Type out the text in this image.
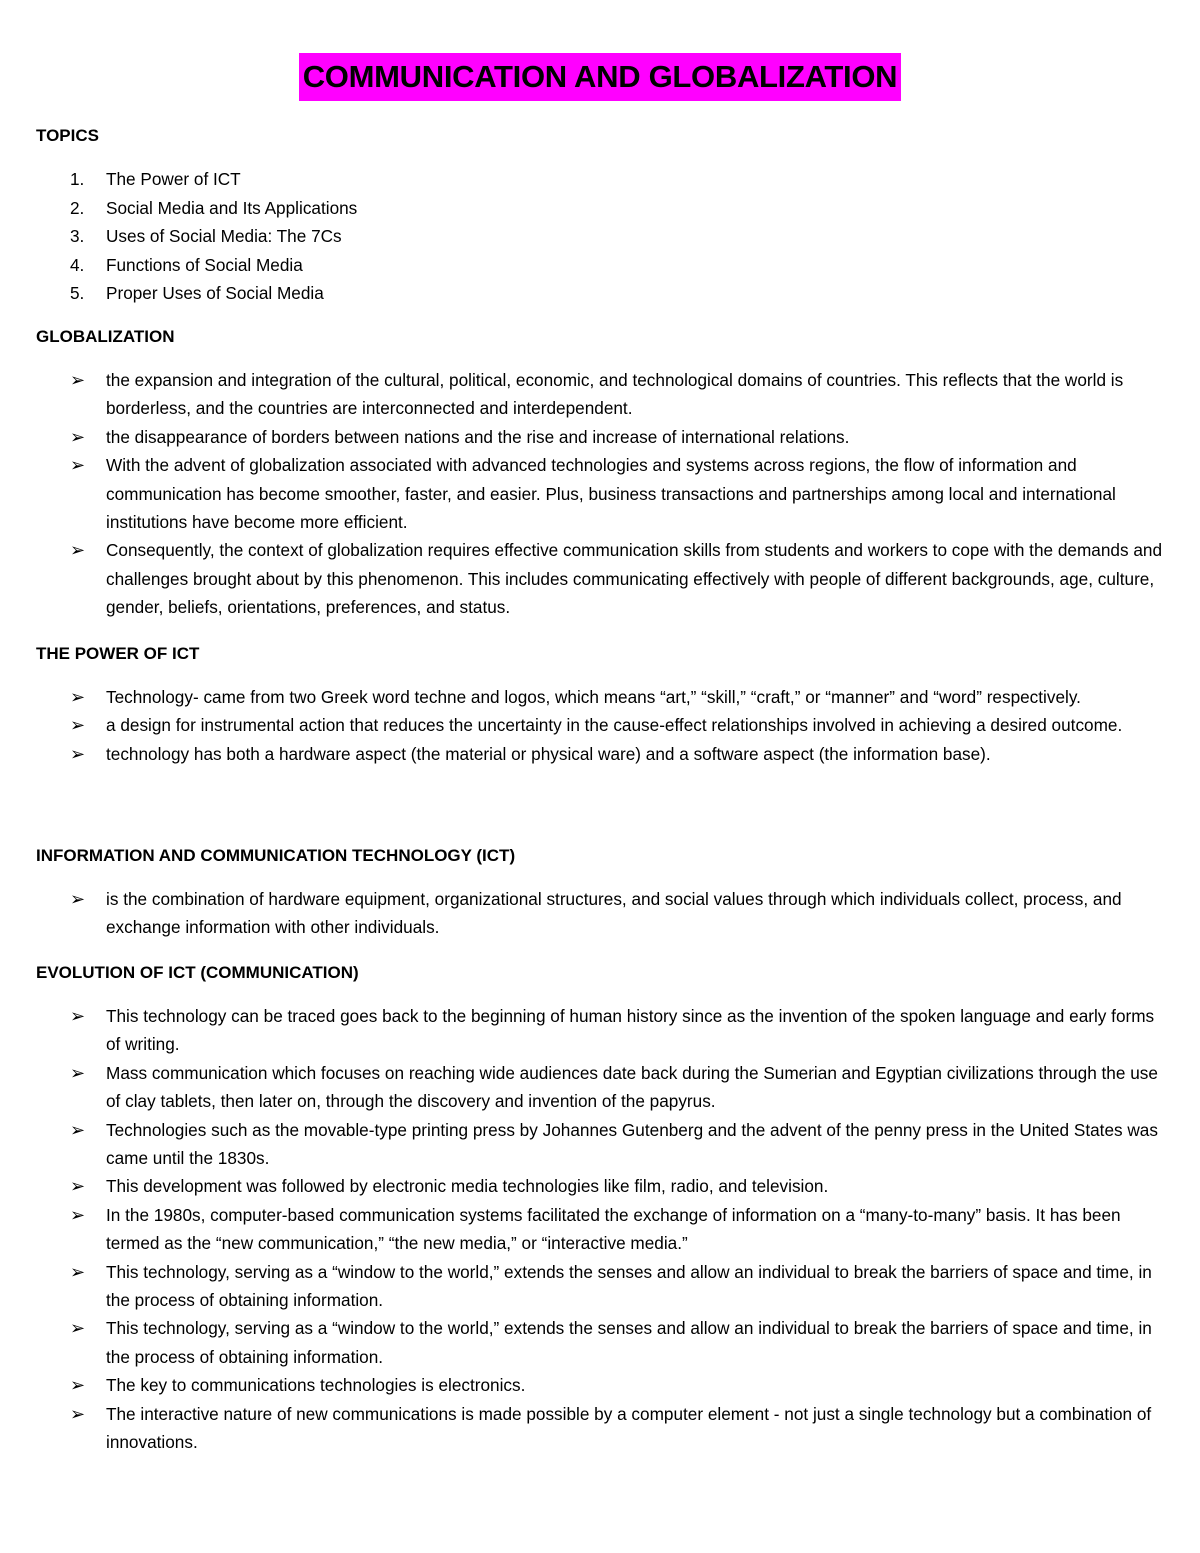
COMMUNICATION AND GLOBALIZATION

TOPICS

1. The Power of ICT
2. Social Media and Its Applications
3. Uses of Social Media: The 7Cs
4. Functions of Social Media
5. Proper Uses of Social Media

GLOBALIZATION

➢ the expansion and integration of the cultural, political, economic, and technological domains of countries. This reflects that the world is borderless, and the countries are interconnected and interdependent.
➢ the disappearance of borders between nations and the rise and increase of international relations.
➢ With the advent of globalization associated with advanced technologies and systems across regions, the flow of information and communication has become smoother, faster, and easier. Plus, business transactions and partnerships among local and international institutions have become more efficient.
➢ Consequently, the context of globalization requires effective communication skills from students and workers to cope with the demands and challenges brought about by this phenomenon. This includes communicating effectively with people of different backgrounds, age, culture, gender, beliefs, orientations, preferences, and status.

THE POWER OF ICT

➢ Technology- came from two Greek word techne and logos, which means “art,” “skill,” “craft,” or “manner” and “word” respectively.
➢ a design for instrumental action that reduces the uncertainty in the cause-effect relationships involved in achieving a desired outcome.
➢ technology has both a hardware aspect (the material or physical ware) and a software aspect (the information base).

INFORMATION AND COMMUNICATION TECHNOLOGY (ICT)

➢ is the combination of hardware equipment, organizational structures, and social values through which individuals collect, process, and exchange information with other individuals.

EVOLUTION OF ICT (COMMUNICATION)

➢ This technology can be traced goes back to the beginning of human history since as the invention of the spoken language and early forms of writing.
➢ Mass communication which focuses on reaching wide audiences date back during the Sumerian and Egyptian civilizations through the use of clay tablets, then later on, through the discovery and invention of the papyrus.
➢ Technologies such as the movable-type printing press by Johannes Gutenberg and the advent of the penny press in the United States was came until the 1830s.
➢ This development was followed by electronic media technologies like film, radio, and television.
➢ In the 1980s, computer-based communication systems facilitated the exchange of information on a “many-to-many” basis. It has been termed as the “new communication,” “the new media,” or “interactive media.”
➢ This technology, serving as a “window to the world,” extends the senses and allow an individual to break the barriers of space and time, in the process of obtaining information.
➢ This technology, serving as a “window to the world,” extends the senses and allow an individual to break the barriers of space and time, in the process of obtaining information.
➢ The key to communications technologies is electronics.
➢ The interactive nature of new communications is made possible by a computer element - not just a single technology but a combination of innovations.
